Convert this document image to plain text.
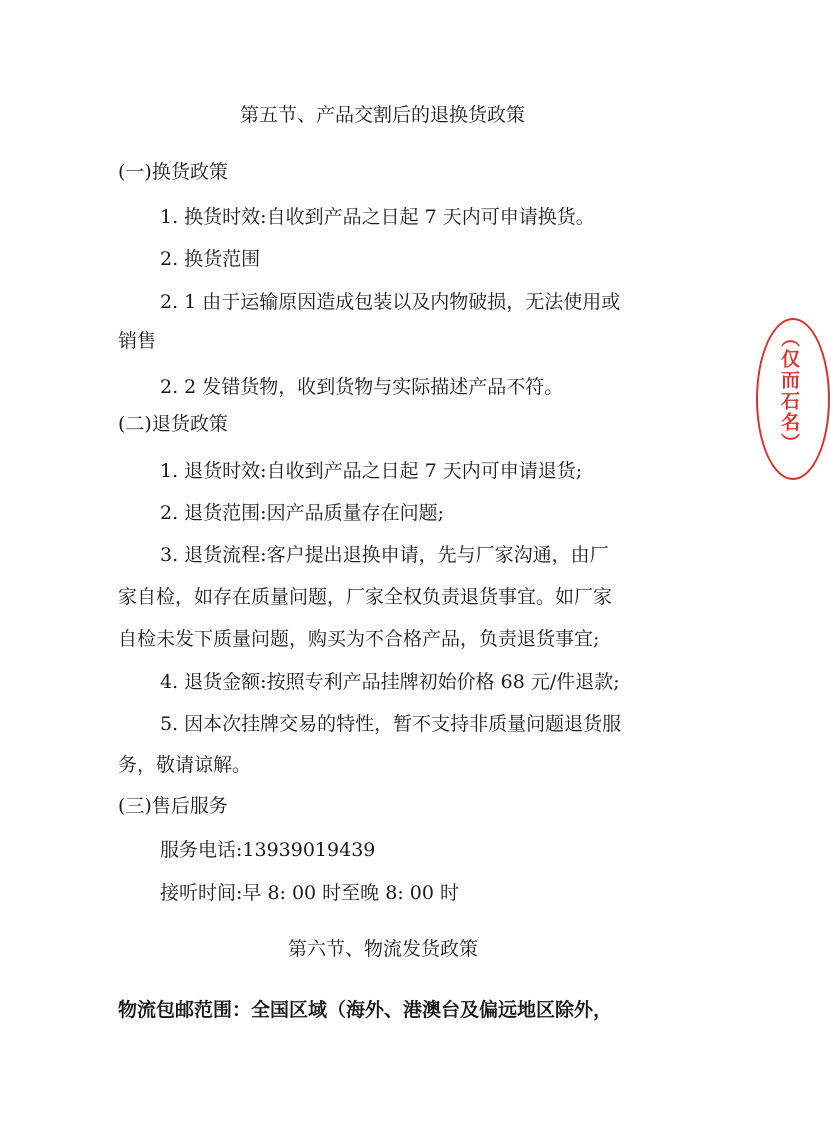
第五节、产品交割后的退换货政策
(一)换货政策
1. 换货时效:自收到产品之日起 7 天内可申请换货。
2. 换货范围
2. 1 由于运输原因造成包装以及内物破损，无法使用或
销售
2. 2 发错货物，收到货物与实际描述产品不符。
(二)退货政策
1. 退货时效:自收到产品之日起 7 天内可申请退货;
2. 退货范围:因产品质量存在问题;
3. 退货流程:客户提出退换申请，先与厂家沟通，由厂
家自检，如存在质量问题，厂家全权负责退货事宜。如厂家
自检未发下质量问题，购买为不合格产品，负责退货事宜;
4. 退货金额:按照专利产品挂牌初始价格 68 元/件退款;
5. 因本次挂牌交易的特性，暂不支持非质量问题退货服
务，敬请谅解。
(三)售后服务
服务电话:13939019439
接听时间:早 8: 00 时至晚 8: 00 时
第六节、物流发货政策
物流包邮范围：全国区域（海外、港澳台及偏远地区除外，
（仅而石名）
